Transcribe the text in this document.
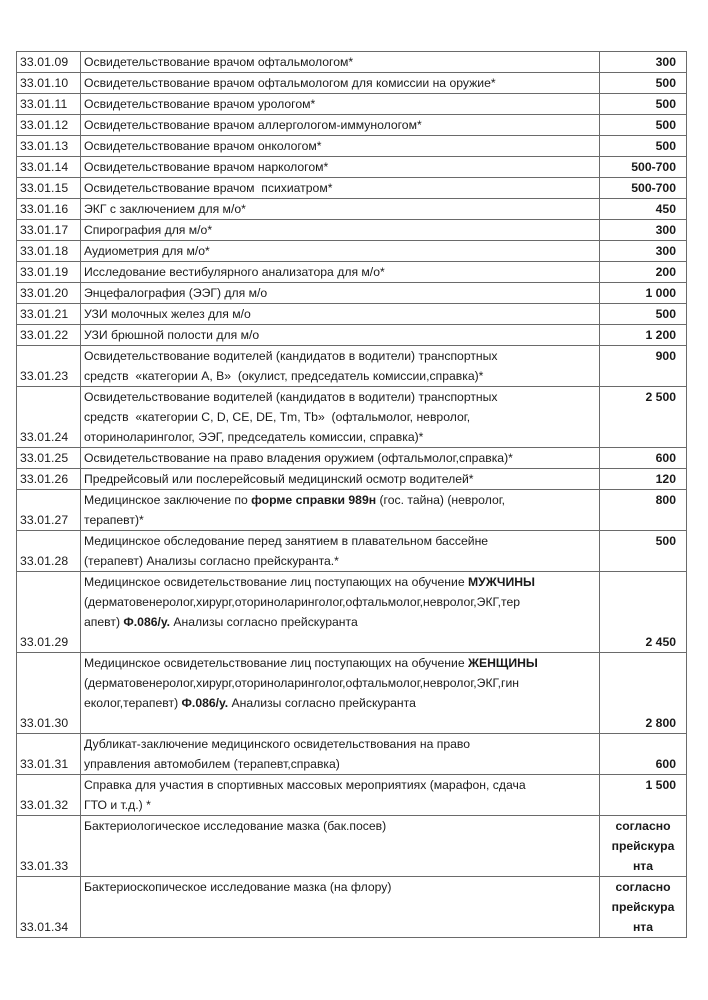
33.01.09	Освидетельствование врачом офтальмологом*	300
33.01.10	Освидетельствование врачом офтальмологом для комиссии на оружие*	500
33.01.11	Освидетельствование врачом урологом*	500
33.01.12	Освидетельствование врачом аллергологом-иммунологом*	500
33.01.13	Освидетельствование врачом онкологом*	500
33.01.14	Освидетельствование врачом наркологом*	500-700
33.01.15	Освидетельствование врачом  психиатром*	500-700
33.01.16	ЭКГ с заключением для м/о*	450
33.01.17	Спирография для м/о*	300
33.01.18	Аудиометрия для м/о*	300
33.01.19	Исследование вестибулярного анализатора для м/о*	200
33.01.20	Энцефалография (ЭЭГ) для м/о	1 000
33.01.21	УЗИ молочных желез для м/о	500
33.01.22	УЗИ брюшной полости для м/о	1 200
33.01.23	Освидетельствование водителей (кандидатов в водители) транспортных
средств  «категории А, В»  (окулист, председатель комиссии,справка)*	900
33.01.24	Освидетельствование водителей (кандидатов в водители) транспортных
средств  «категории C, D, CE, DE, Tm, Tb»  (офтальмолог, невролог,
оториноларинголог, ЭЭГ, председатель комиссии, справка)*	2 500
33.01.25	Освидетельствование на право владения оружием (офтальмолог,справка)*	600
33.01.26	Предрейсовый или послерейсовый медицинский осмотр водителей*	120
33.01.27	Медицинское заключение по форме справки 989н (гос. тайна) (невролог,
терапевт)*	800
33.01.28	Медицинское обследование перед занятием в плавательном бассейне
(терапевт) Анализы согласно прейскуранта.*	500
33.01.29	Медицинское освидетельствование лиц поступающих на обучение МУЖЧИНЫ
(дерматовенеролог,хирург,оториноларинголог,офтальмолог,невролог,ЭКГ,тер
апевт) Ф.086/у. Анализы согласно прейскуранта	2 450
33.01.30	Медицинское освидетельствование лиц поступающих на обучение ЖЕНЩИНЫ
(дерматовенеролог,хирург,оториноларинголог,офтальмолог,невролог,ЭКГ,гин
еколог,терапевт) Ф.086/у. Анализы согласно прейскуранта	2 800
33.01.31	Дубликат-заключение медицинского освидетельствования на право
управления автомобилем (терапевт,справка)	600
33.01.32	Справка для участия в спортивных массовых мероприятиях (марафон, сдача
ГТО и т.д.) *	1 500
33.01.33	Бактериологическое исследование мазка (бак.посев)	согласно
прейскура
нта

33.01.34	Бактериоскопическое исследование мазка (на флору)	согласно
прейскура
нта
